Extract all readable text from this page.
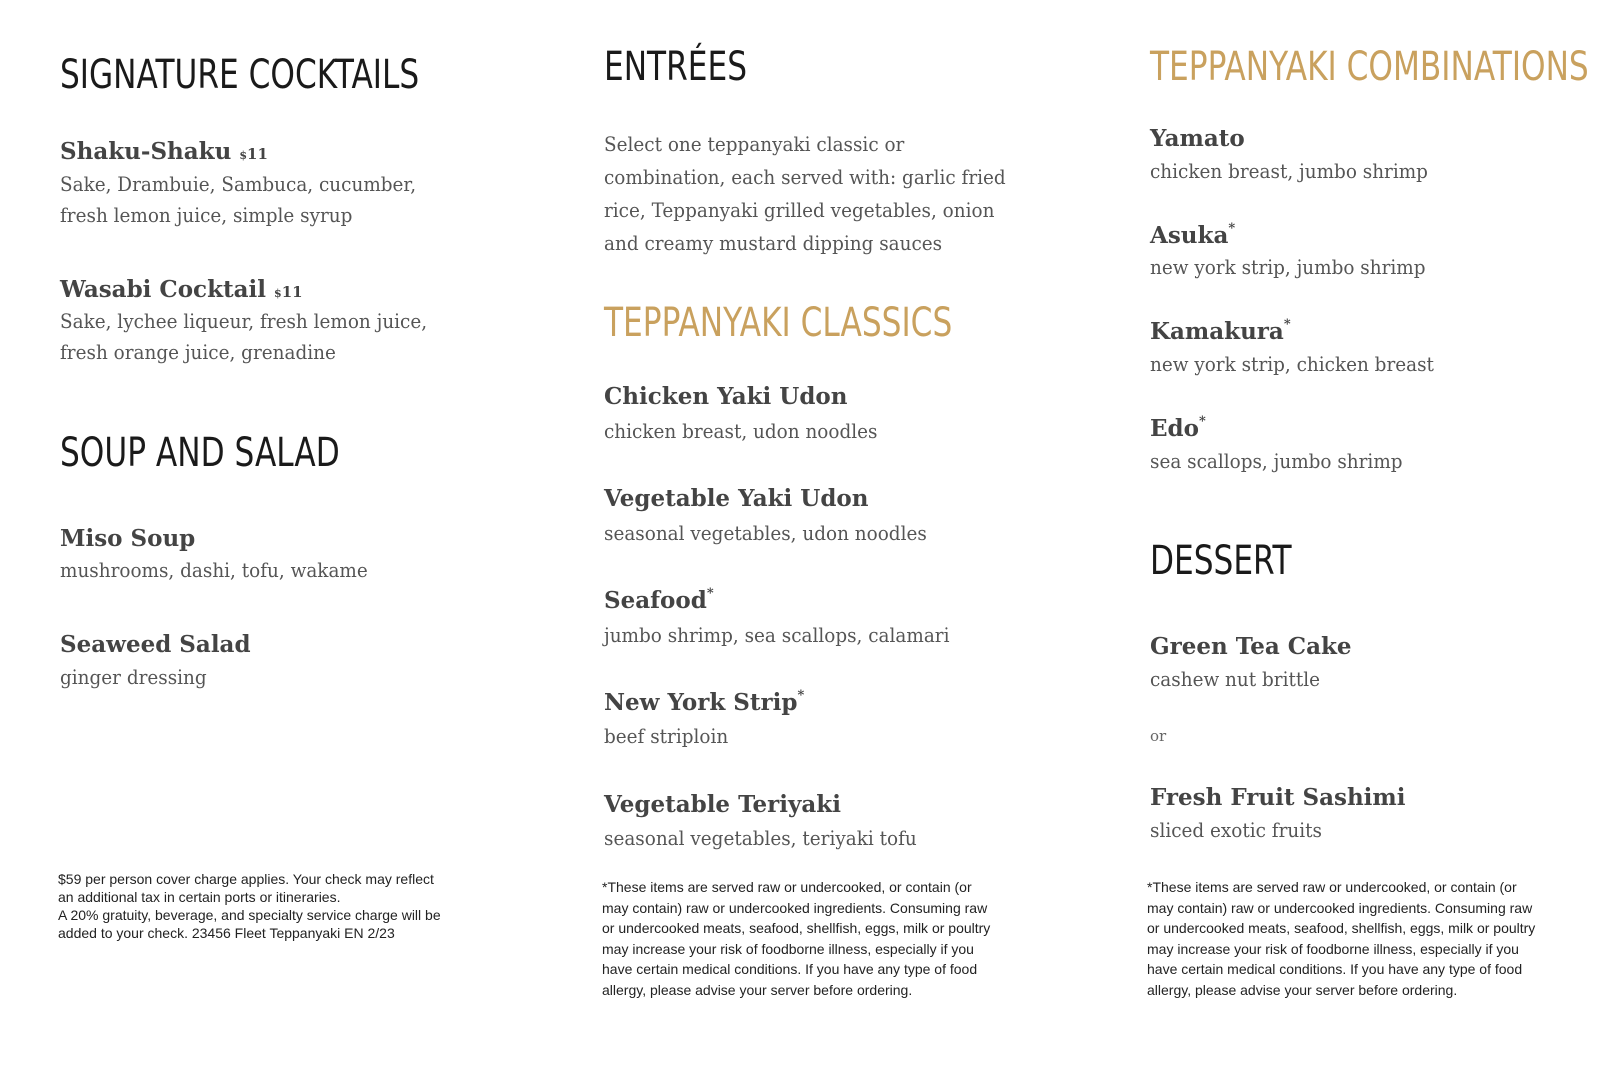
SIGNATURE COCKTAILS
Shaku-Shaku $11
Sake, Drambuie, Sambuca, cucumber,
fresh lemon juice, simple syrup
Wasabi Cocktail $11
Sake, lychee liqueur, fresh lemon juice,
fresh orange juice, grenadine
SOUP AND SALAD
Miso Soup
mushrooms, dashi, tofu, wakame
Seaweed Salad
ginger dressing
$59 per person cover charge applies. Your check may reflect
an additional tax in certain ports or itineraries.
A 20% gratuity, beverage, and specialty service charge will be
added to your check. 23456 Fleet Teppanyaki EN 2/23
ENTRÉES
Select one teppanyaki classic or
combination, each served with: garlic fried
rice, Teppanyaki grilled vegetables, onion
and creamy mustard dipping sauces
TEPPANYAKI CLASSICS
Chicken Yaki Udon
chicken breast, udon noodles
Vegetable Yaki Udon
seasonal vegetables, udon noodles
Seafood*
jumbo shrimp, sea scallops, calamari
New York Strip*
beef striploin
Vegetable Teriyaki
seasonal vegetables, teriyaki tofu
*These items are served raw or undercooked, or contain (or
may contain) raw or undercooked ingredients. Consuming raw
or undercooked meats, seafood, shellfish, eggs, milk or poultry
may increase your risk of foodborne illness, especially if you
have certain medical conditions. If you have any type of food
allergy, please advise your server before ordering.
TEPPANYAKI COMBINATIONS
Yamato
chicken breast, jumbo shrimp
Asuka*
new york strip, jumbo shrimp
Kamakura*
new york strip, chicken breast
Edo*
sea scallops, jumbo shrimp
DESSERT
Green Tea Cake
cashew nut brittle
or
Fresh Fruit Sashimi
sliced exotic fruits
*These items are served raw or undercooked, or contain (or
may contain) raw or undercooked ingredients. Consuming raw
or undercooked meats, seafood, shellfish, eggs, milk or poultry
may increase your risk of foodborne illness, especially if you
have certain medical conditions. If you have any type of food
allergy, please advise your server before ordering.
